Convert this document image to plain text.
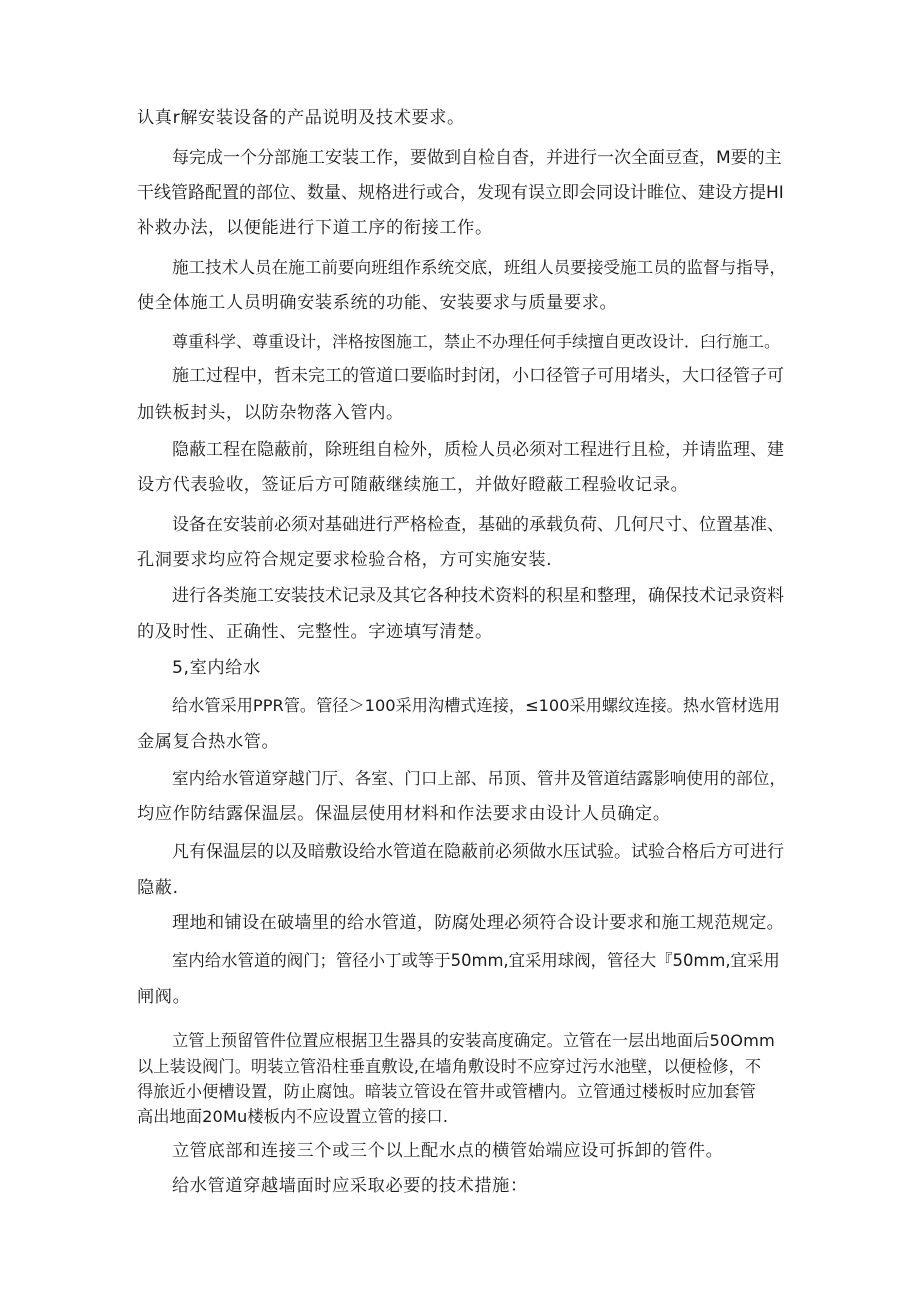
认真r解安装设备的产品说明及技术要求。
每完成一个分部施工安装工作，要做到自检自杳，并进行一次全面豆查，M要的主
干线管路配置的部位、数量、规格进行或合，发现有误立即会同设计睢位、建设方提HI
补救办法，以便能进行下道工序的衔接工作。
施工技术人员在施工前要向班组作系统交底，班组人员要接受施工员的监督与指导，
使全体施工人员明确安装系统的功能、安装要求与质量要求。
尊重科学、尊重设计，泮格按图施工，禁止不办理任何手续擅自更改设计．臼行施工。
施工过程中，哲未完工的管道口要临时封闭，小口径管子可用堵头，大口径管子可
加铁板封头，以防杂物落入管内。
隐蔽工程在隐蔽前，除班组自检外，质检人员必须对工程进行且检，并请监理、建
设方代表验收，签证后方可随蔽继续施工，并做好瞪蔽工程验收记录。
设备在安装前必须对基础进行严格检查，基础的承载负荷、几何尺寸、位置基准、
孔洞要求均应符合规定要求检验合格，方可实施安装.
进行各类施工安装技术记录及其它各种技术资料的积星和整理，确保技术记录资料
的及时性、正确性、完整性。字迹填写清楚。
5,室内给水
给水管采用PPR管。管径＞100采用沟槽式连接，≤100采用螺纹连接。热水管材选用
金属复合热水管。
室内给水管道穿越门厅、各室、门口上部、吊顶、管井及管道结露影响使用的部位，
均应作防结露保温层。保温层使用材料和作法要求由设计人员确定。
凡有保温层的以及暗敷设给水管道在隐蔽前必须做水压试验。试验合格后方可进行
隐蔽.
理地和铺设在破墙里的给水管道，防腐处理必须符合设计要求和施工规范规定。
室内给水管道的阀门；管径小丁或等于50mm,宜采用球阀，管径大『50mm,宜采用
闸阀。
立管上预留管件位置应根据卫生器具的安装高度确定。立管在一层出地面后50Omm
以上装设阀门。明装立管沿柱垂直敷设,在墙角敷设时不应穿过污水池壁，以便检修，不
得旅近小便槽设置，防止腐蚀。暗装立管设在管井或管槽内。立管通过楼板时应加套管
高出地面20Mu楼板内不应设置立管的接口.
立管底部和连接三个或三个以上配水点的横管始端应设可拆卸的管件。
给水管道穿越墙面时应采取必要的技术措施：
